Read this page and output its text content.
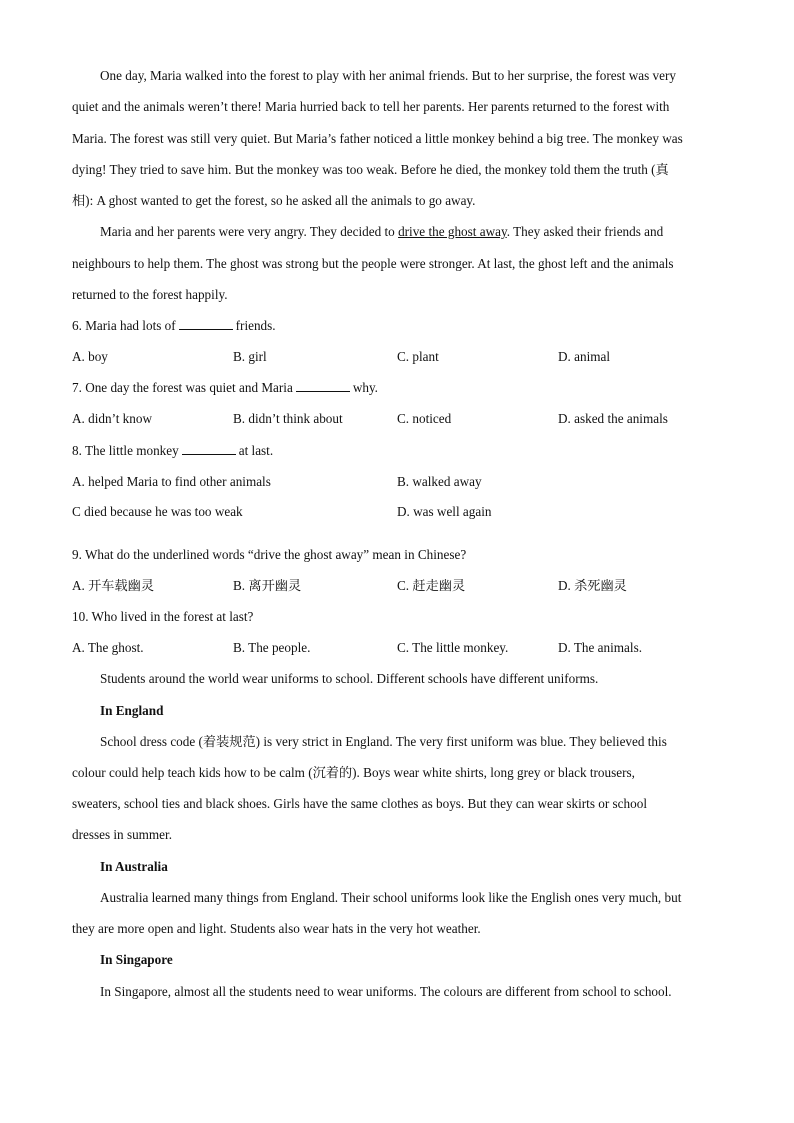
One day, Maria walked into the forest to play with her animal friends. But to her surprise, the forest was very
quiet and the animals weren’t there! Maria hurried back to tell her parents. Her parents returned to the forest with
Maria. The forest was still very quiet. But Maria’s father noticed a little monkey behind a big tree. The monkey was
dying! They tried to save him. But the monkey was too weak. Before he died, the monkey told them the truth (真
相): A ghost wanted to get the forest, so he asked all the animals to go away.
Maria and her parents were very angry. They decided to drive the ghost away. They asked their friends and
neighbours to help them. The ghost was strong but the people were stronger. At last, the ghost left and the animals
returned to the forest happily.
6. Maria had lots of	friends.
A. boy	B. girl	C. plant	D. animal
7. One day the forest was quiet and Maria	why.
A. didn’t know	B. didn’t think about	C. noticed	D. asked the animals
8. The little monkey	at last.
A. helped Maria to find other animals	B. walked away
C died because he was too weak	D. was well again
9. What do the underlined words “drive the ghost away” mean in Chinese?
A. 开车载幽灵	B. 离开幽灵	C. 赶走幽灵	D. 杀死幽灵
10. Who lived in the forest at last?
A. The ghost.	B. The people.	C. The little monkey.	D. The animals.
Students around the world wear uniforms to school. Different schools have different uniforms.
In England
School dress code (着装规范) is very strict in England. The very first uniform was blue. They believed this
colour could help teach kids how to be calm (沉着的). Boys wear white shirts, long grey or black trousers,
sweaters, school ties and black shoes. Girls have the same clothes as boys. But they can wear skirts or school
dresses in summer.
In Australia
Australia learned many things from England. Their school uniforms look like the English ones very much, but
they are more open and light. Students also wear hats in the very hot weather.
In Singapore
In Singapore, almost all the students need to wear uniforms. The colours are different from school to school.
